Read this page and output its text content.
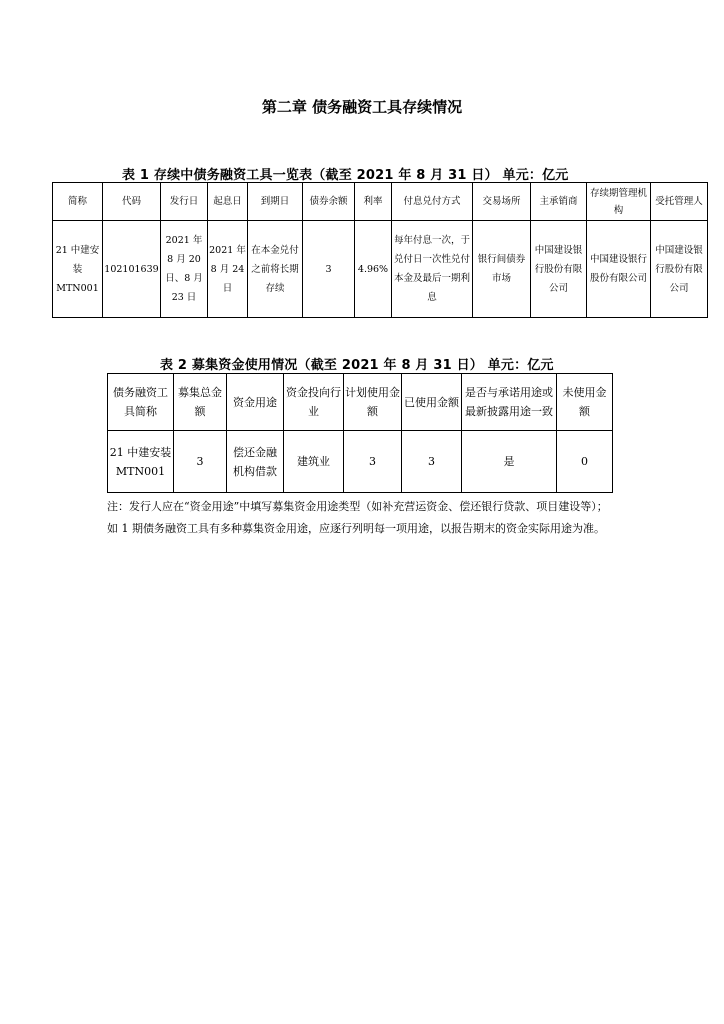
第二章 债务融资工具存续情况
表 1 存续中债务融资工具一览表（截至 2021 年 8 月 31 日） 单元：亿元
简称	代码	发行日	起息日	到期日	债券余额	利率	付息兑付方式	交易场所	主承销商	存续期管理机构	受托管理人
21 中建安装 MTN001	102101639	2021 年 8 月 20 日、8 月 23 日	2021 年 8 月 24 日	在本金兑付之前将长期存续	3	4.96%	每年付息一次，于兑付日一次性兑付本金及最后一期利息	银行间债券市场	中国建设银行股份有限公司	中国建设银行股份有限公司	中国建设银行股份有限公司
表 2 募集资金使用情况（截至 2021 年 8 月 31 日） 单元：亿元
债务融资工具简称	募集总金额	资金用途	资金投向行业	计划使用金额	已使用金额	是否与承诺用途或最新披露用途一致	未使用金额
21 中建安装 MTN001	3	偿还金融机构借款	建筑业	3	3	是	0
注：发行人应在“资金用途”中填写募集资金用途类型（如补充营运资金、偿还银行贷款、项目建设等）；如 1 期债务融资工具有多种募集资金用途，应逐行列明每一项用途，以报告期末的资金实际用途为准。
